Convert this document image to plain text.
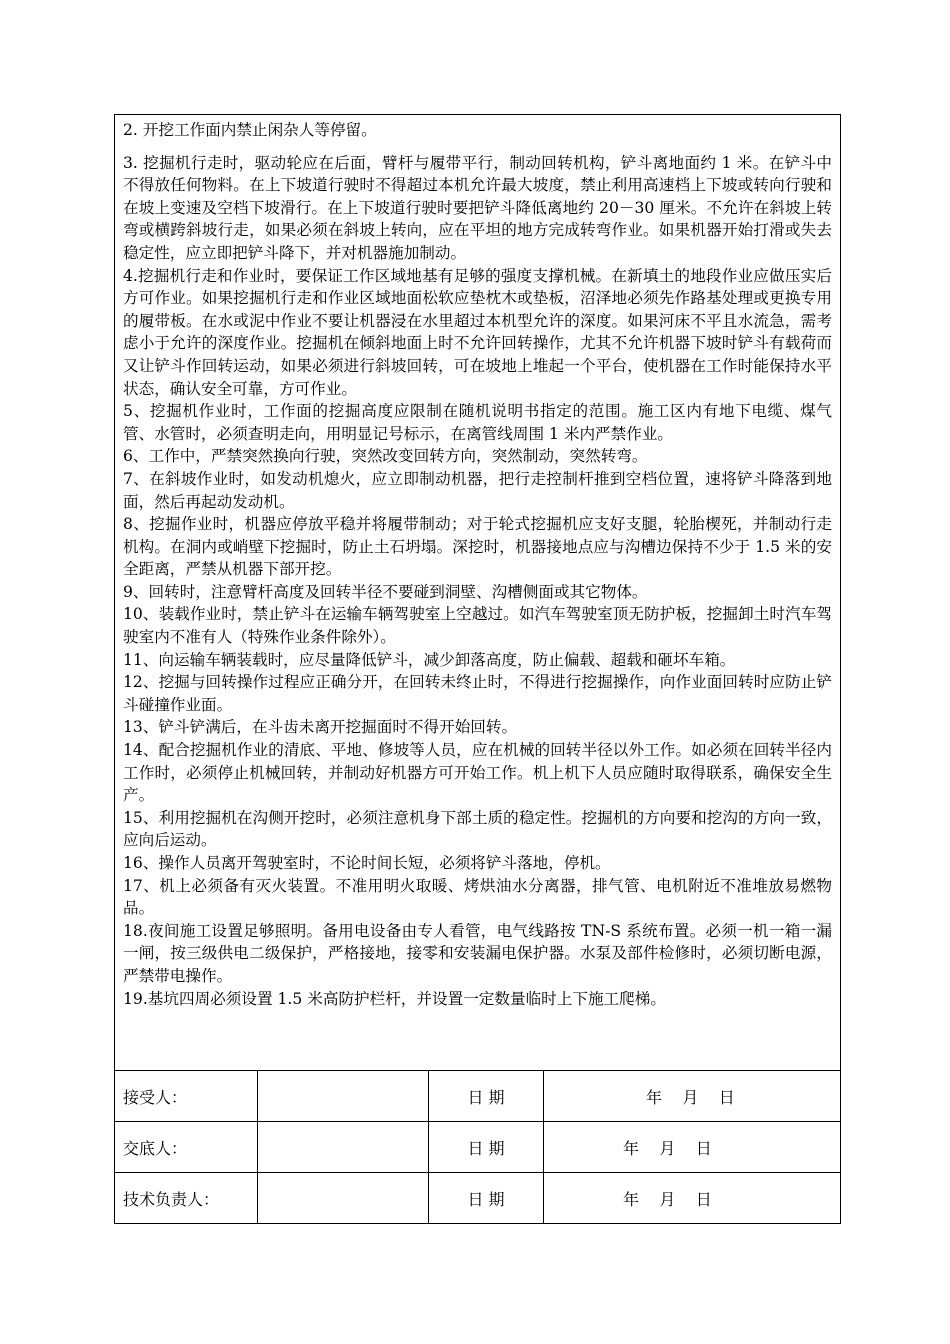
2. 开挖工作面内禁止闲杂人等停留。

3. 挖掘机行走时，驱动轮应在后面，臂杆与履带平行，制动回转机构，铲斗离地面约 1 米。在铲斗中不得放任何物料。在上下坡道行驶时不得超过本机允许最大坡度，禁止利用高速档上下坡或转向行驶和在坡上变速及空档下坡滑行。在上下坡道行驶时要把铲斗降低离地约 20－30 厘米。不允许在斜坡上转弯或横跨斜坡行走，如果必须在斜坡上转向，应在平坦的地方完成转弯作业。如果机器开始打滑或失去稳定性，应立即把铲斗降下，并对机器施加制动。

4.挖掘机行走和作业时，要保证工作区域地基有足够的强度支撑机械。在新填土的地段作业应做压实后方可作业。如果挖掘机行走和作业区域地面松软应垫枕木或垫板，沼泽地必须先作路基处理或更换专用的履带板。在水或泥中作业不要让机器浸在水里超过本机型允许的深度。如果河床不平且水流急，需考虑小于允许的深度作业。挖掘机在倾斜地面上时不允许回转操作，尤其不允许机器下坡时铲斗有载荷而又让铲斗作回转运动，如果必须进行斜坡回转，可在坡地上堆起一个平台，使机器在工作时能保持水平状态，确认安全可靠，方可作业。

5、挖掘机作业时，工作面的挖掘高度应限制在随机说明书指定的范围。施工区内有地下电缆、煤气管、水管时，必须查明走向，用明显记号标示，在离管线周围 1 米内严禁作业。

6、工作中，严禁突然换向行驶，突然改变回转方向，突然制动，突然转弯。

7、在斜坡作业时，如发动机熄火，应立即制动机器，把行走控制杆推到空档位置，速将铲斗降落到地面，然后再起动发动机。

8、挖掘作业时，机器应停放平稳并将履带制动；对于轮式挖掘机应支好支腿，轮胎楔死，并制动行走机构。在洞内或峭壁下挖掘时，防止土石坍塌。深挖时，机器接地点应与沟槽边保持不少于 1.5 米的安全距离，严禁从机器下部开挖。

9、回转时，注意臂杆高度及回转半径不要碰到洞壁、沟槽侧面或其它物体。

10、装载作业时，禁止铲斗在运输车辆驾驶室上空越过。如汽车驾驶室顶无防护板，挖掘卸土时汽车驾驶室内不准有人（特殊作业条件除外）。

11、向运输车辆装载时，应尽量降低铲斗，减少卸落高度，防止偏载、超载和砸坏车箱。

12、挖掘与回转操作过程应正确分开，在回转未终止时，不得进行挖掘操作，向作业面回转时应防止铲斗碰撞作业面。

13、铲斗铲满后，在斗齿未离开挖掘面时不得开始回转。

14、配合挖掘机作业的清底、平地、修坡等人员，应在机械的回转半径以外工作。如必须在回转半径内工作时，必须停止机械回转，并制动好机器方可开始工作。机上机下人员应随时取得联系，确保安全生产。

15、利用挖掘机在沟侧开挖时，必须注意机身下部土质的稳定性。挖掘机的方向要和挖沟的方向一致，应向后运动。

16、操作人员离开驾驶室时，不论时间长短，必须将铲斗落地，停机。

17、机上必须备有灭火装置。不准用明火取暖、烤烘油水分离器，排气管、电机附近不准堆放易燃物品。

18.夜间施工设置足够照明。备用电设备由专人看管，电气线路按 TN-S 系统布置。必须一机一箱一漏一闸，按三级供电二级保护，严格接地，接零和安装漏电保护器。水泵及部件检修时，必须切断电源，严禁带电操作。

19.基坑四周必须设置 1.5 米高防护栏杆，并设置一定数量临时上下施工爬梯。

接受人：	日 期	年    月    日
交底人：	日 期	年    月    日
技术负责人：	日 期	年    月    日
